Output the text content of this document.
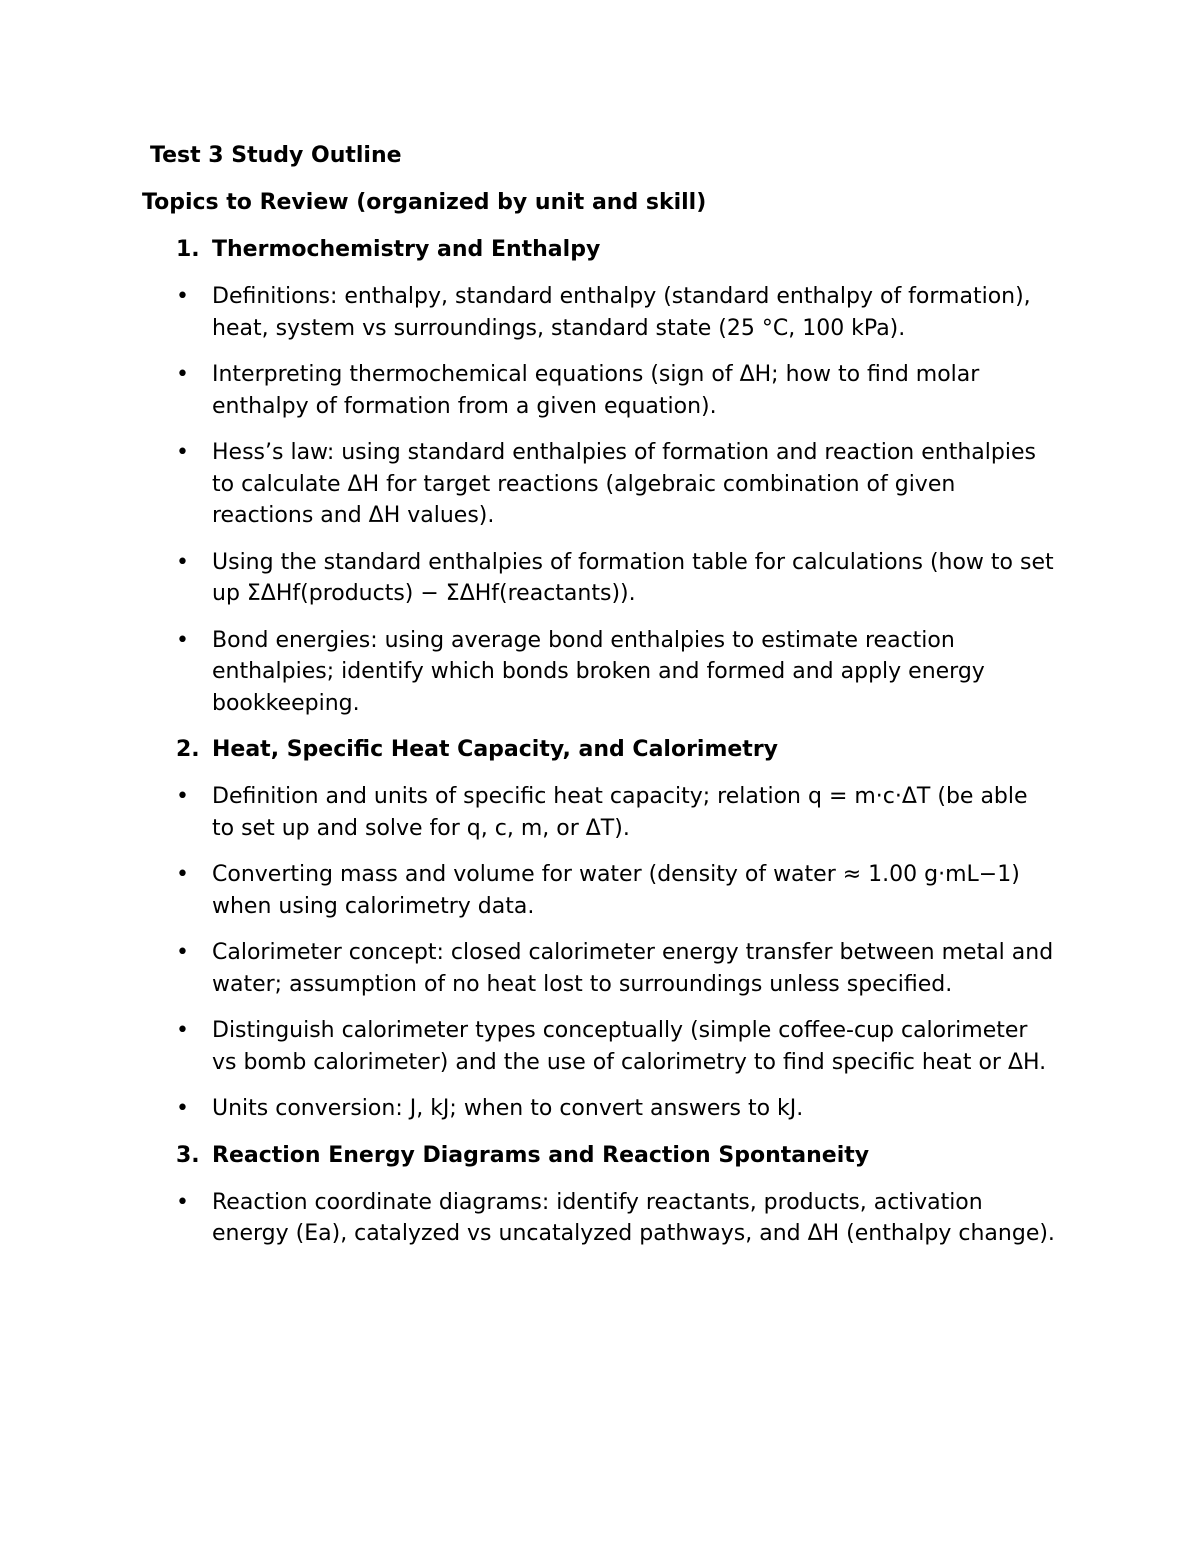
Test 3 Study Outline
Topics to Review (organized by unit and skill)
1. Thermochemistry and Enthalpy
• Definitions: enthalpy, standard enthalpy (standard enthalpy of formation), heat, system vs surroundings, standard state (25 °C, 100 kPa).
• Interpreting thermochemical equations (sign of ΔH; how to find molar enthalpy of formation from a given equation).
• Hess’s law: using standard enthalpies of formation and reaction enthalpies to calculate ΔH for target reactions (algebraic combination of given reactions and ΔH values).
• Using the standard enthalpies of formation table for calculations (how to set up ΣΔHf(products) − ΣΔHf(reactants)).
• Bond energies: using average bond enthalpies to estimate reaction enthalpies; identify which bonds broken and formed and apply energy bookkeeping.
2. Heat, Specific Heat Capacity, and Calorimetry
• Definition and units of specific heat capacity; relation q = m·c·ΔT (be able to set up and solve for q, c, m, or ΔT).
• Converting mass and volume for water (density of water ≈ 1.00 g·mL−1) when using calorimetry data.
• Calorimeter concept: closed calorimeter energy transfer between metal and water; assumption of no heat lost to surroundings unless specified.
• Distinguish calorimeter types conceptually (simple coffee-cup calorimeter vs bomb calorimeter) and the use of calorimetry to find specific heat or ΔH.
• Units conversion: J, kJ; when to convert answers to kJ.
3. Reaction Energy Diagrams and Reaction Spontaneity
• Reaction coordinate diagrams: identify reactants, products, activation energy (Ea), catalyzed vs uncatalyzed pathways, and ΔH (enthalpy change).
